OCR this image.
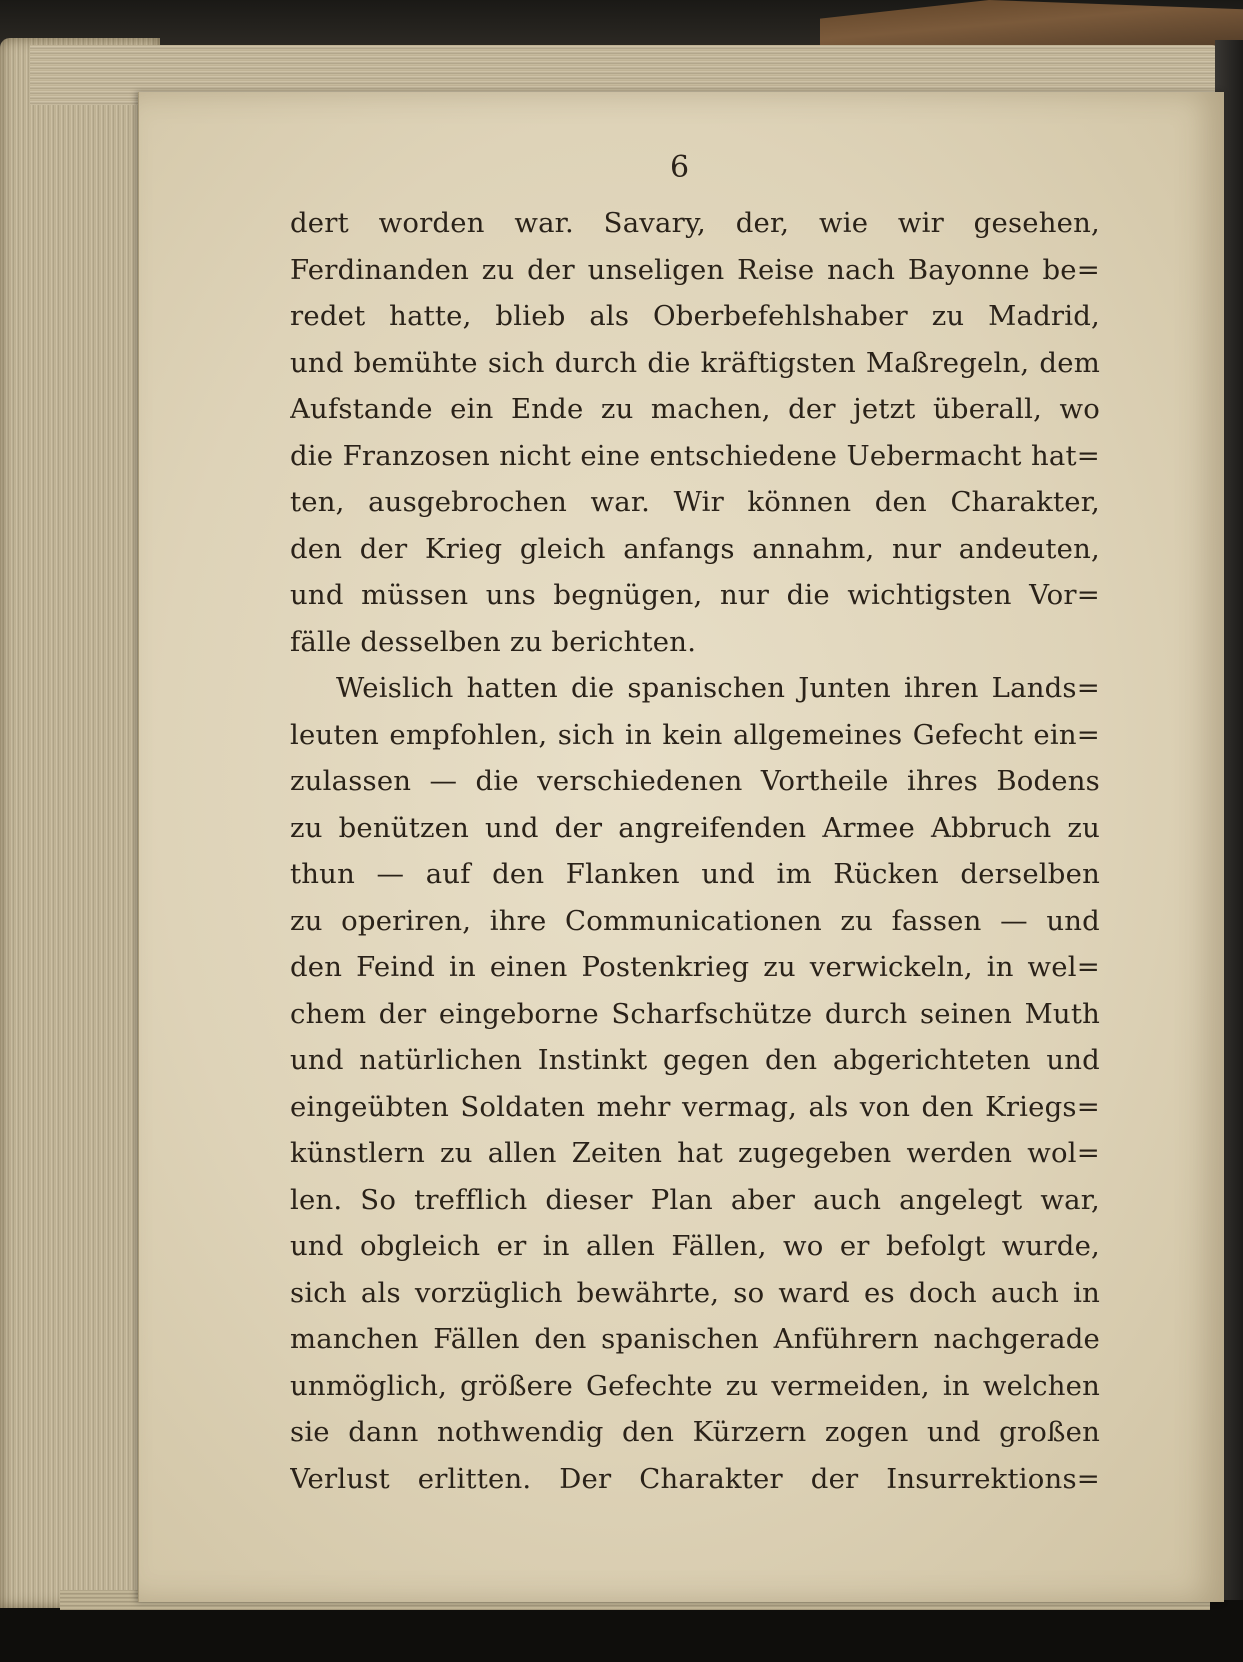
6
dert worden war. Savary, der, wie wir gesehen,
Ferdinanden zu der unseligen Reise nach Bayonne be=
redet hatte, blieb als Oberbefehlshaber zu Madrid,
und bemühte sich durch die kräftigsten Maßregeln, dem
Aufstande ein Ende zu machen, der jetzt überall, wo
die Franzosen nicht eine entschiedene Uebermacht hat=
ten, ausgebrochen war. Wir können den Charakter,
den der Krieg gleich anfangs annahm, nur andeuten,
und müssen uns begnügen, nur die wichtigsten Vor=
fälle desselben zu berichten.
Weislich hatten die spanischen Junten ihren Lands=
leuten empfohlen, sich in kein allgemeines Gefecht ein=
zulassen — die verschiedenen Vortheile ihres Bodens
zu benützen und der angreifenden Armee Abbruch zu
thun — auf den Flanken und im Rücken derselben
zu operiren, ihre Communicationen zu fassen — und
den Feind in einen Postenkrieg zu verwickeln, in wel=
chem der eingeborne Scharfschütze durch seinen Muth
und natürlichen Instinkt gegen den abgerichteten und
eingeübten Soldaten mehr vermag, als von den Kriegs=
künstlern zu allen Zeiten hat zugegeben werden wol=
len. So trefflich dieser Plan aber auch angelegt war,
und obgleich er in allen Fällen, wo er befolgt wurde,
sich als vorzüglich bewährte, so ward es doch auch in
manchen Fällen den spanischen Anführern nachgerade
unmöglich, größere Gefechte zu vermeiden, in welchen
sie dann nothwendig den Kürzern zogen und großen
Verlust erlitten. Der Charakter der Insurrektions=
